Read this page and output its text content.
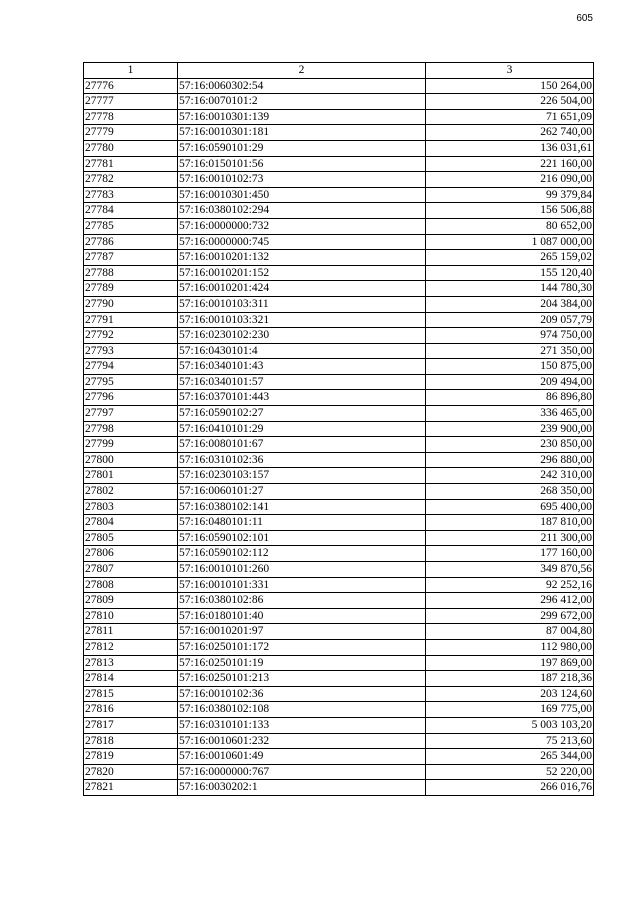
605
1	2	3
27776	57:16:0060302:54	150 264,00
27777	57:16:0070101:2	226 504,00
27778	57:16:0010301:139	71 651,09
27779	57:16:0010301:181	262 740,00
27780	57:16:0590101:29	136 031,61
27781	57:16:0150101:56	221 160,00
27782	57:16:0010102:73	216 090,00
27783	57:16:0010301:450	99 379,84
27784	57:16:0380102:294	156 506,88
27785	57:16:0000000:732	80 652,00
27786	57:16:0000000:745	1 087 000,00
27787	57:16:0010201:132	265 159,02
27788	57:16:0010201:152	155 120,40
27789	57:16:0010201:424	144 780,30
27790	57:16:0010103:311	204 384,00
27791	57:16:0010103:321	209 057,79
27792	57:16:0230102:230	974 750,00
27793	57:16:0430101:4	271 350,00
27794	57:16:0340101:43	150 875,00
27795	57:16:0340101:57	209 494,00
27796	57:16:0370101:443	86 896,80
27797	57:16:0590102:27	336 465,00
27798	57:16:0410101:29	239 900,00
27799	57:16:0080101:67	230 850,00
27800	57:16:0310102:36	296 880,00
27801	57:16:0230103:157	242 310,00
27802	57:16:0060101:27	268 350,00
27803	57:16:0380102:141	695 400,00
27804	57:16:0480101:11	187 810,00
27805	57:16:0590102:101	211 300,00
27806	57:16:0590102:112	177 160,00
27807	57:16:0010101:260	349 870,56
27808	57:16:0010101:331	92 252,16
27809	57:16:0380102:86	296 412,00
27810	57:16:0180101:40	299 672,00
27811	57:16:0010201:97	87 004,80
27812	57:16:0250101:172	112 980,00
27813	57:16:0250101:19	197 869,00
27814	57:16:0250101:213	187 218,36
27815	57:16:0010102:36	203 124,60
27816	57:16:0380102:108	169 775,00
27817	57:16:0310101:133	5 003 103,20
27818	57:16:0010601:232	75 213,60
27819	57:16:0010601:49	265 344,00
27820	57:16:0000000:767	52 220,00
27821	57:16:0030202:1	266 016,76
